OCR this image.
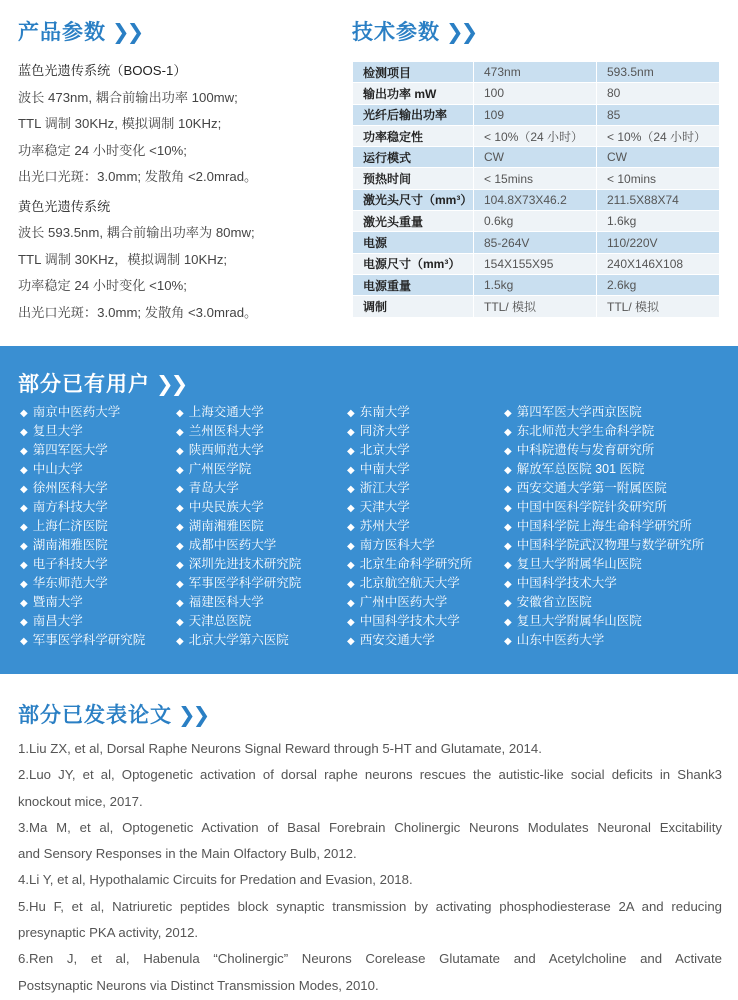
产品参数 ❯❯
蓝色光遗传系统（BOOS-1）
波长 473nm, 耦合前输出功率 100mw;
TTL 调制 30KHz, 模拟调制 10KHz;
功率稳定 24 小时变化 <10%;
出光口光斑：3.0mm; 发散角 <2.0mrad。
黄色光遗传系统
波长 593.5nm, 耦合前输出功率为 80mw;
TTL 调制 30KHz，模拟调制 10KHz;
功率稳定 24 小时变化 <10%;
出光口光斑：3.0mm; 发散角 <3.0mrad。
技术参数 ❯❯
检测项目	473nm	593.5nm
输出功率 mW	100	80
光纤后输出功率	109	85
功率稳定性	< 10%（24 小时）	< 10%（24 小时）
运行模式	CW	CW
预热时间	< 15mins	< 10mins
激光头尺寸（mm³）	104.8X73X46.2	211.5X88X74
激光头重量	0.6kg	1.6kg
电源	85-264V	110/220V
电源尺寸（mm³）	154X155X95	240X146X108
电源重量	1.5kg	2.6kg
调制	TTL/ 模拟	TTL/ 模拟
部分已有用户 ❯❯
◆ 南京中医药大学
◆ 复旦大学
◆ 第四军医大学
◆ 中山大学
◆ 徐州医科大学
◆ 南方科技大学
◆ 上海仁济医院
◆ 湖南湘雅医院
◆ 电子科技大学
◆ 华东师范大学
◆ 暨南大学
◆ 南昌大学
◆ 军事医学科学研究院
◆ 上海交通大学
◆ 兰州医科大学
◆ 陕西师范大学
◆ 广州医学院
◆ 青岛大学
◆ 中央民族大学
◆ 湖南湘雅医院
◆ 成都中医药大学
◆ 深圳先进技术研究院
◆ 军事医学科学研究院
◆ 福建医科大学
◆ 天津总医院
◆ 北京大学第六医院
◆ 东南大学
◆ 同济大学
◆ 北京大学
◆ 中南大学
◆ 浙江大学
◆ 天津大学
◆ 苏州大学
◆ 南方医科大学
◆ 北京生命科学研究所
◆ 北京航空航天大学
◆ 广州中医药大学
◆ 中国科学技术大学
◆ 西安交通大学
◆ 第四军医大学西京医院
◆ 东北师范大学生命科学院
◆ 中科院遗传与发育研究所
◆ 解放军总医院 301 医院
◆ 西安交通大学第一附属医院
◆ 中国中医科学院针灸研究所
◆ 中国科学院上海生命科学研究所
◆ 中国科学院武汉物理与数学研究所
◆ 复旦大学附属华山医院
◆ 中国科学技术大学
◆ 安徽省立医院
◆ 复旦大学附属华山医院
◆ 山东中医药大学
部分已发表论文 ❯❯
1.Liu ZX, et al, Dorsal Raphe Neurons Signal Reward through 5-HT and Glutamate, 2014.
2.Luo JY, et al, Optogenetic activation of dorsal raphe neurons rescues the autistic-like social deficits in Shank3
knockout mice, 2017.
3.Ma M, et al, Optogenetic Activation of Basal Forebrain Cholinergic Neurons Modulates Neuronal Excitability
and Sensory Responses in the Main Olfactory Bulb, 2012.
4.Li Y, et al, Hypothalamic Circuits for Predation and Evasion, 2018.
5.Hu F, et al, Natriuretic peptides block synaptic transmission by activating phosphodiesterase 2A and reducing
presynaptic PKA activity, 2012.
6.Ren J, et al, Habenula “Cholinergic” Neurons Corelease Glutamate and Acetylcholine and Activate
Postsynaptic Neurons via Distinct Transmission Modes, 2010.
